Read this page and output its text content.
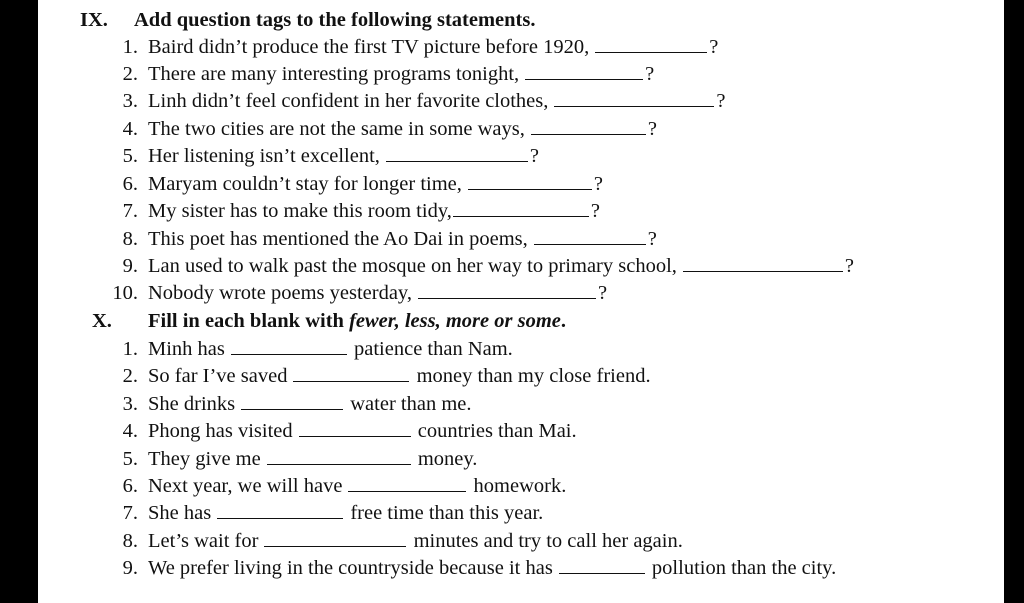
IX. Add question tags to the following statements.
1. Baird didn’t produce the first TV picture before 1920,	?
2. There are many interesting programs tonight,	?
3. Linh didn’t feel confident in her favorite clothes,	?
4. The two cities are not the same in some ways,	?
5. Her listening isn’t excellent,	?
6. Maryam couldn’t stay for longer time,	?
7. My sister has to make this room tidy,	?
8. This poet has mentioned the Ao Dai in poems,	?
9. Lan used to walk past the mosque on her way to primary school,	?
10. Nobody wrote poems yesterday,	?
X. Fill in each blank with fewer, less, more or some.
1. Minh has	patience than Nam.
2. So far I’ve saved	money than my close friend.
3. She drinks	water than me.
4. Phong has visited	countries than Mai.
5. They give me	money.
6. Next year, we will have	homework.
7. She has	free time than this year.
8. Let’s wait for	minutes and try to call her again.
9. We prefer living in the countryside because it has	pollution than the city.
